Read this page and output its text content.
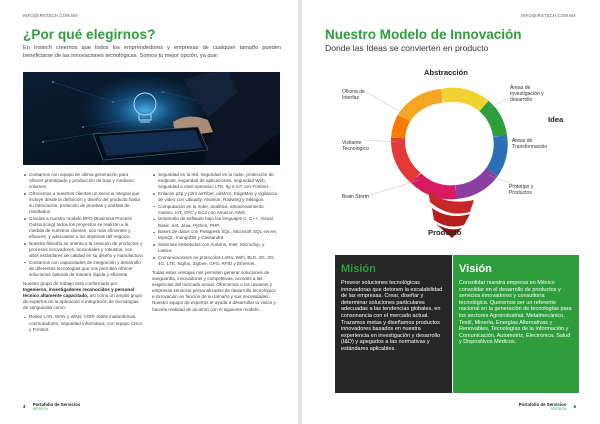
INFO@IRSTECH.COM.MX
¿Por qué elegirnos?

En Instech creemos que todos los emprendedores y empresas de cualquier tamaño pueden beneficiarse de las innovaciones tecnológicas. Somos tu mejor opción, ya que:

Contamos con equipo de ultima generación para ofrecer prototipado y producción de bajo y mediano volumen
Ofrecemos a nuestros clientes un servicio integral que incluye desde la definición y diseño del producto hasta su fabricación, protocolo de pruebas y análisis de resultados.
Gracias a nuestro modelo BPO (Business Process Outsourcing) todos los proyectos se realizan a la medida de nuestros clientes, son más eficientes y eficaces, y adecuados a los objetivos del negocio.
Nuestra filosofía se orienta a la creación de productos y procesos innovadores, funcionales y robustos, con altos estándares de calidad en su diseño y manufactura
Contamos con capacidades de integración y desarrollo de diferentes tecnologías que nos permiten ofrecer soluciones óptimas de manera rápida y eficiente.

Nuestro grupo de trabajo está conformado por Ingenieros, investigadores reconocidos y personal técnico altamente capacitado, así como un amplio grupo de expertos en la aplicación e integración de tecnologías de vanguardia como:

Redes LAN, WAN y WAN, VOIP, redes inalámbricas, conmutadores, seguridad informática, con equipo Cisco y Fortinet.
Seguridad en la red, seguridad en la nube, protección de endpoint, seguridad de aplicaciones, seguridad Web, Seguridad a nivel operativo LTE, 5g e IoT con Fortinet.
Enlaces p2p y p2m airFiber, airMAX, EdgeMax y vigilancia de video con Ubiquity, Alvarion, Radwing y Siklagon.
Computación en la nube, analítica, almacenamiento masivo, IoT, VPC y EC2 con Amazon AWS.
Desarrollo de software bajo los lenguajes C, C++, Visual Basic .net, Java, Python, PHP.
Bases de datos con Postgress SQL, Microsoft SQL server, MySQL, mongoDB y Cassandra
Sistemas embebidos con Arduino, Intel, Microchip, y Lattice.
Comunicaciones en protocolos LoRa, WiFi, BLE, 2G, 3G, 4G, LTE, Sigfox, Zigbee, GPS, RFID y Ethernet.

Todas estas ventajas nos permiten generar soluciones de vanguardia, innovadoras y competitivas, acordes a las exigencias del mercado actual. Ofrecemos a los usuarios y empresas servicios personalizados de desarrollo tecnológico e innovación en función de su tamaño y sus necesidades. Nuestro equipo de expertos te ayuda a desarrollar tu visión y hacerla realidad de acuerdo con el siguiente modelo:

4 Portafolio de Servicios
IRSTECH
INFO@IRSTECH.COM.MX
Nuestro Modelo de Innovación
Donde las Ideas se convierten en producto
Abstracción
Oficina de Interfaz
Áreas de Investigación y desarrollo
Idea
Áreas de Transformación
Visitante Tecnológico
Prototipo y Productos
Brain Storm
Producto
Misión

Proveer soluciones tecnológicas innovadoras que detonen la escalabilidad de las empresas. Crear, diseñar y determinar soluciones particulares adecuadas a las tendencias globales, en consonancia con el mercado actual. Trazamos metas y diseñamos productos innovadores basados en nuestra experiencia en investigación y desarrollo (I&D) y apegados a las normativas y estándares aplicables.

Visión

Consolidar nuestra empresa en México consolidar en el desarrollo de productos y servicios innovadores y consultoría tecnológica. Queremos ser un referente nacional en la generación de tecnologías para los sectores Agroindustrial, Metalmecánico, Textil, Minería, Energías Alternativas y Renovables, Tecnologías de la Información y Comunicación, Automotriz, Electrónica, Salud y Dispositivos Médicos.

Portafolio de Servicios
IRSTECH
5
